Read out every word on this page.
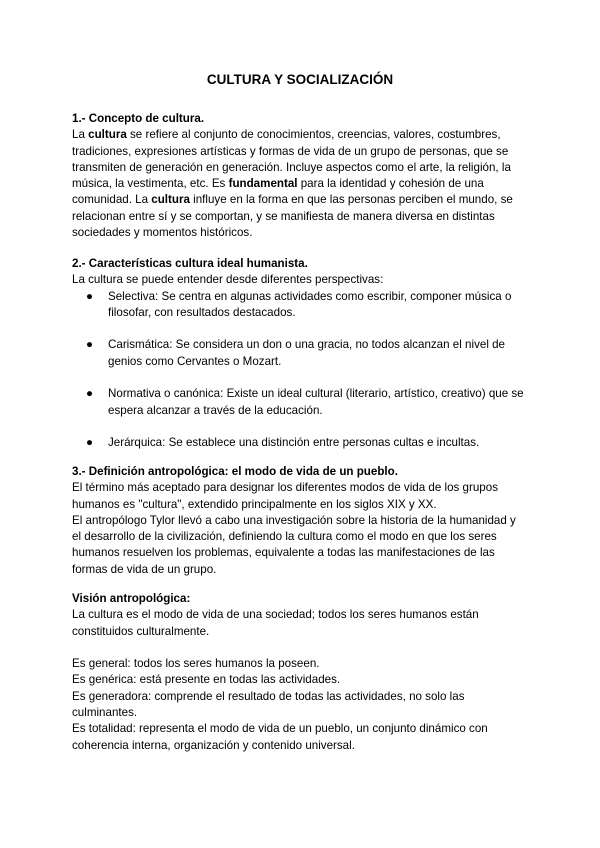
CULTURA Y SOCIALIZACIÓN

1.- Concepto de cultura.

La cultura se refiere al conjunto de conocimientos, creencias, valores, costumbres, tradiciones, expresiones artísticas y formas de vida de un grupo de personas, que se transmiten de generación en generación. Incluye aspectos como el arte, la religión, la música, la vestimenta, etc. Es fundamental para la identidad y cohesión de una comunidad. La cultura influye en la forma en que las personas perciben el mundo, se relacionan entre sí y se comportan, y se manifiesta de manera diversa en distintas sociedades y momentos históricos.

2.- Características cultura ideal humanista.

La cultura se puede entender desde diferentes perspectivas:

● Selectiva: Se centra en algunas actividades como escribir, componer música o filosofar, con resultados destacados.
● Carismática: Se considera un don o una gracia, no todos alcanzan el nivel de genios como Cervantes o Mozart.
● Normativa o canónica: Existe un ideal cultural (literario, artístico, creativo) que se espera alcanzar a través de la educación.
● Jerárquica: Se establece una distinción entre personas cultas e incultas.

3.- Definición antropológica: el modo de vida de un pueblo.

El término más aceptado para designar los diferentes modos de vida de los grupos humanos es "cultura", extendido principalmente en los siglos XIX y XX.

El antropólogo Tylor llevó a cabo una investigación sobre la historia de la humanidad y el desarrollo de la civilización, definiendo la cultura como el modo en que los seres humanos resuelven los problemas, equivalente a todas las manifestaciones de las formas de vida de un grupo.

Visión antropológica:

La cultura es el modo de vida de una sociedad; todos los seres humanos están constituidos culturalmente.

Es general: todos los seres humanos la poseen.

Es genérica: está presente en todas las actividades.

Es generadora: comprende el resultado de todas las actividades, no solo las culminantes.

Es totalidad: representa el modo de vida de un pueblo, un conjunto dinámico con coherencia interna, organización y contenido universal.
